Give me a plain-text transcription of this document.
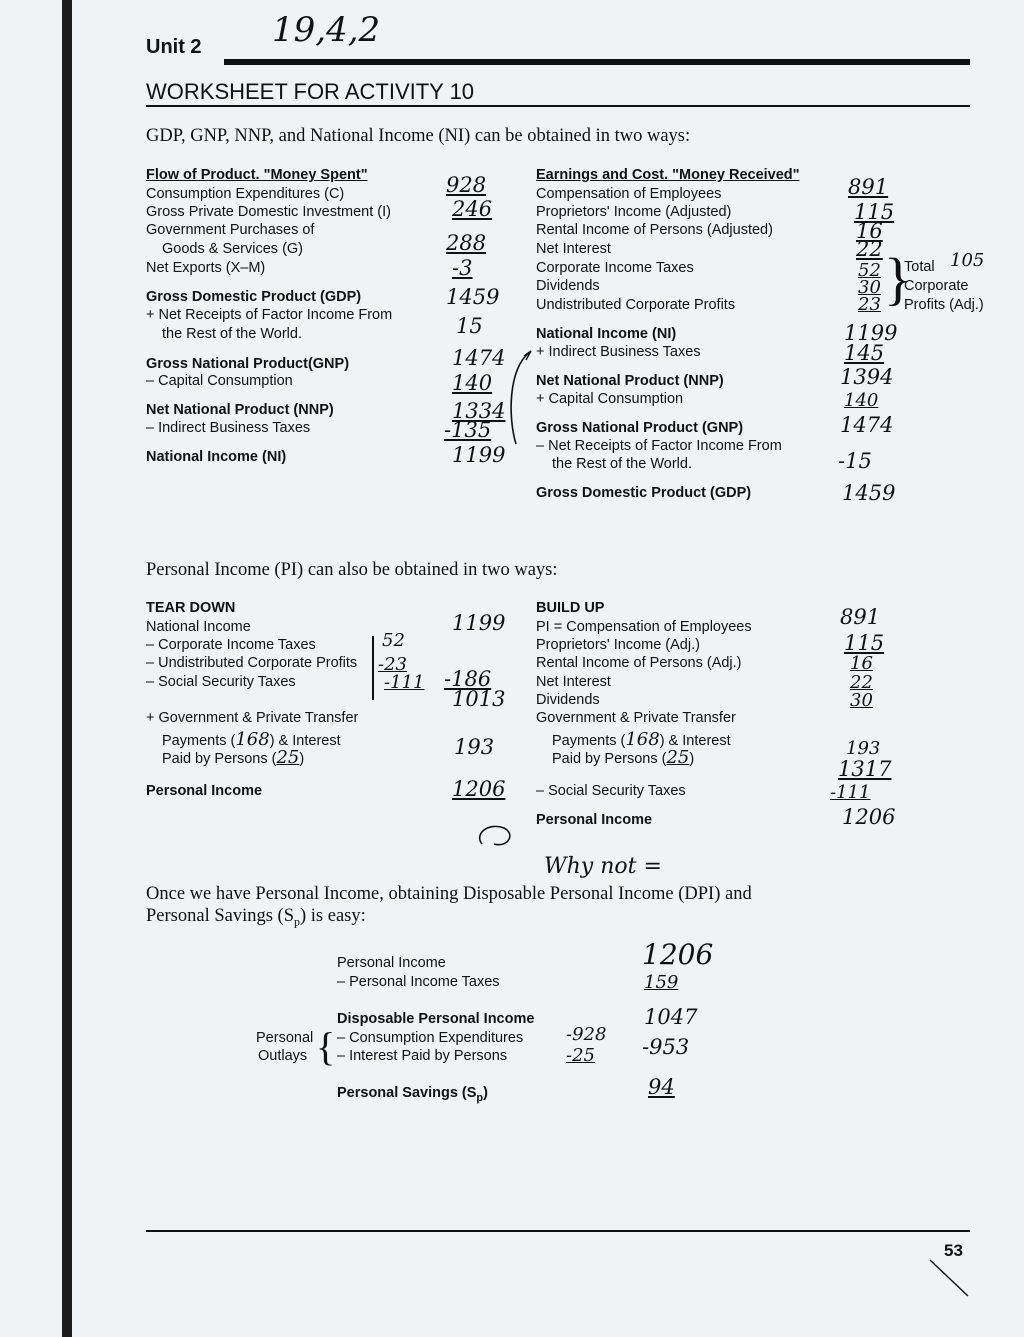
Unit 2 19,4,2
WORKSHEET FOR ACTIVITY 10
GDP, GNP, NNP, and National Income (NI) can be obtained in two ways:
Flow of Product. "Money Spent"
Consumption Expenditures (C)
Gross Private Domestic Investment (I)
Government Purchases of
Goods & Services (G)
Net Exports (X–M)
Gross Domestic Product (GDP)
+ Net Receipts of Factor Income From
the Rest of the World.
Gross National Product(GNP)
– Capital Consumption
Net National Product (NNP)
– Indirect Business Taxes
National Income (NI)
928
246
288
-3
1459
15
1474
140
1334
-135
1199
Earnings and Cost. "Money Received"
Compensation of Employees
Proprietors' Income (Adjusted)
Rental Income of Persons (Adjusted)
Net Interest
Corporate Income Taxes
Dividends
Undistributed Corporate Profits
National Income (NI)
+ Indirect Business Taxes
Net National Product (NNP)
+ Capital Consumption
Gross National Product (GNP)
– Net Receipts of Factor Income From
the Rest of the World.
Gross Domestic Product (GDP)
891
115
16
22
52
30
23
1199
145
1394
140
1474
-15
1459
}
Total
Corporate
Profits (Adj.)
105
Personal Income (PI) can also be obtained in two ways:
TEAR DOWN
National Income
– Corporate Income Taxes
– Undistributed Corporate Profits
– Social Security Taxes
+ Government & Private Transfer
Payments (168) & Interest
Paid by Persons (25)
Personal Income
1199
52
-23
-111 -186
1013
193
1206
BUILD UP
PI = Compensation of Employees
Proprietors' Income (Adj.)
Rental Income of Persons (Adj.)
Net Interest
Dividends
Government & Private Transfer
Payments (168) & Interest
Paid by Persons (25)
– Social Security Taxes
Personal Income
891
115
16
22
30
193
1317
-111
1206
Why not =
Once we have Personal Income, obtaining Disposable Personal Income (DPI) and
Personal Savings $(S_p)$ is easy:
Personal Income
– Personal Income Taxes
Disposable Personal Income
– Consumption Expenditures
– Interest Paid by Persons
Personal Savings $(S_p)$
Personal
Outlays {
1206
159
1047
-928
-25 -953
94
53
